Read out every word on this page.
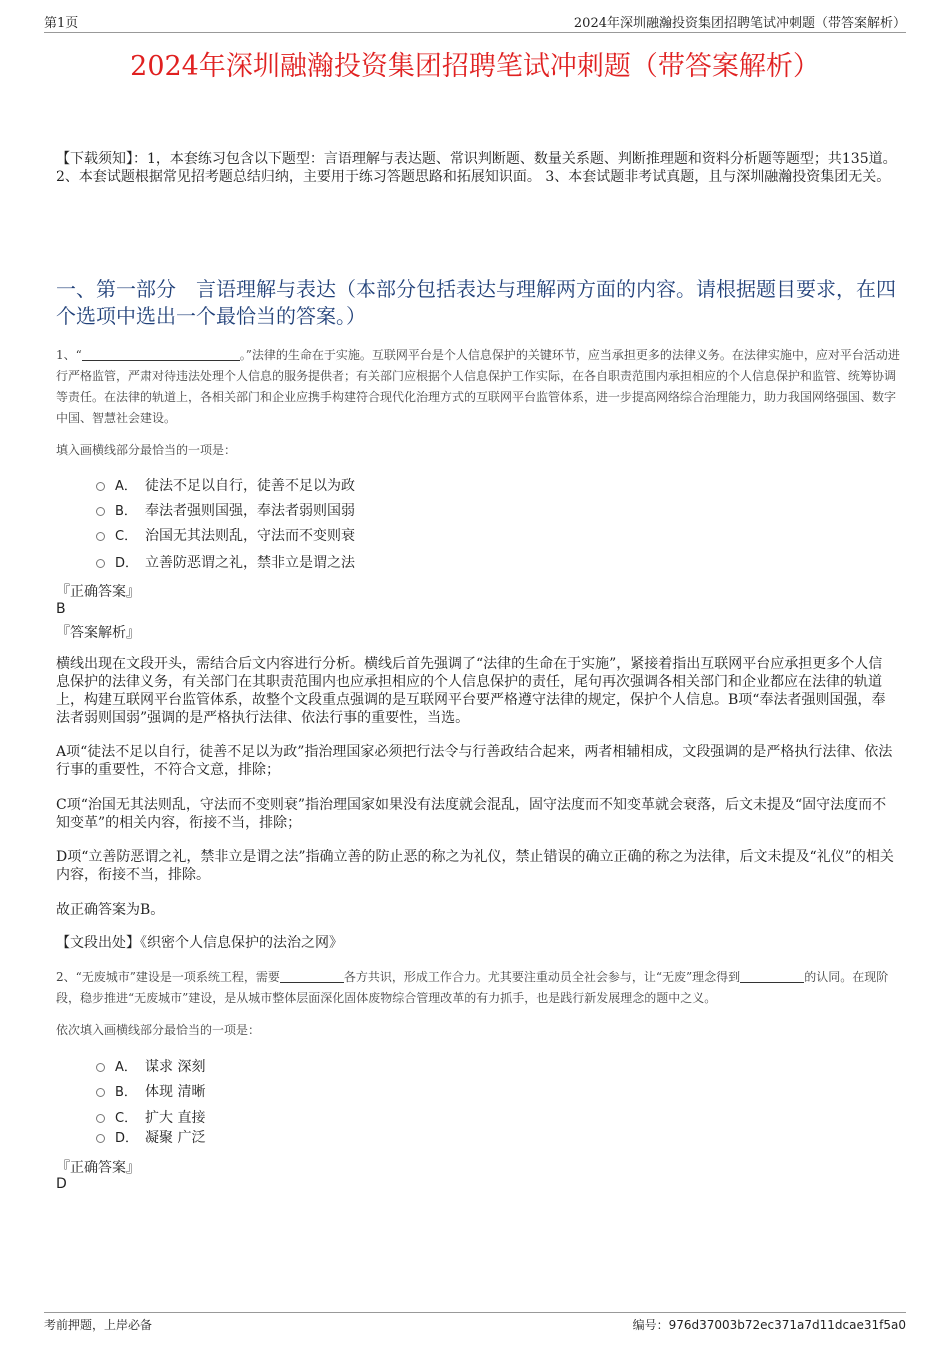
第1页	2024年深圳融瀚投资集团招聘笔试冲刺题（带答案解析）
2024年深圳融瀚投资集团招聘笔试冲刺题（带答案解析）
【下载须知】：1，本套练习包含以下题型：言语理解与表达题、常识判断题、数量关系题、判断推理题和资料分析题等题型；共135道。 2、本套试题根据常见招考题总结归纳，主要用于练习答题思路和拓展知识面。 3、本套试题非考试真题，且与深圳融瀚投资集团无关。
一、第一部分　言语理解与表达（本部分包括表达与理解两方面的内容。请根据题目要求，在四个选项中选出一个最恰当的答案。）
1、“	。”法律的生命在于实施。互联网平台是个人信息保护的关键环节，应当承担更多的法律义务。在法律实施中，应对平台活动进行严格监管，严肃对待违法处理个人信息的服务提供者；有关部门应根据个人信息保护工作实际，在各自职责范围内承担相应的个人信息保护和监管、统筹协调等责任。在法律的轨道上，各相关部门和企业应携手构建符合现代化治理方式的互联网平台监管体系，进一步提高网络综合治理能力，助力我国网络强国、数字中国、智慧社会建设。
填入画横线部分最恰当的一项是：
A． 徒法不足以自行，徒善不足以为政
B． 奉法者强则国强，奉法者弱则国弱
C． 治国无其法则乱，守法而不变则衰
D． 立善防恶谓之礼，禁非立是谓之法
『正确答案』
B
『答案解析』
横线出现在文段开头，需结合后文内容进行分析。横线后首先强调了“法律的生命在于实施”，紧接着指出互联网平台应承担更多个人信息保护的法律义务，有关部门在其职责范围内也应承担相应的个人信息保护的责任，尾句再次强调各相关部门和企业都应在法律的轨道上，构建互联网平台监管体系，故整个文段重点强调的是互联网平台要严格遵守法律的规定，保护个人信息。B项“奉法者强则国强，奉法者弱则国弱”强调的是严格执行法律、依法行事的重要性，当选。
A项“徒法不足以自行，徒善不足以为政”指治理国家必须把行法令与行善政结合起来，两者相辅相成，文段强调的是严格执行法律、依法行事的重要性，不符合文意，排除；
C项“治国无其法则乱，守法而不变则衰”指治理国家如果没有法度就会混乱，固守法度而不知变革就会衰落，后文未提及“固守法度而不知变革”的相关内容，衔接不当，排除；
D项“立善防恶谓之礼，禁非立是谓之法”指确立善的防止恶的称之为礼仪，禁止错误的确立正确的称之为法律，后文未提及“礼仪”的相关内容，衔接不当，排除。
故正确答案为B。
【文段出处】《织密个人信息保护的法治之网》
2、“无废城市”建设是一项系统工程，需要	各方共识，形成工作合力。尤其要注重动员全社会参与，让“无废”理念得到	的认同。在现阶段，稳步推进“无废城市”建设，是从城市整体层面深化固体废物综合管理改革的有力抓手，也是践行新发展理念的题中之义。
依次填入画横线部分最恰当的一项是：
A． 谋求 深刻
B． 体现 清晰
C． 扩大 直接
D． 凝聚 广泛
『正确答案』
D
考前押题，上岸必备	编号：976d37003b72ec371a7d11dcae31f5a0
